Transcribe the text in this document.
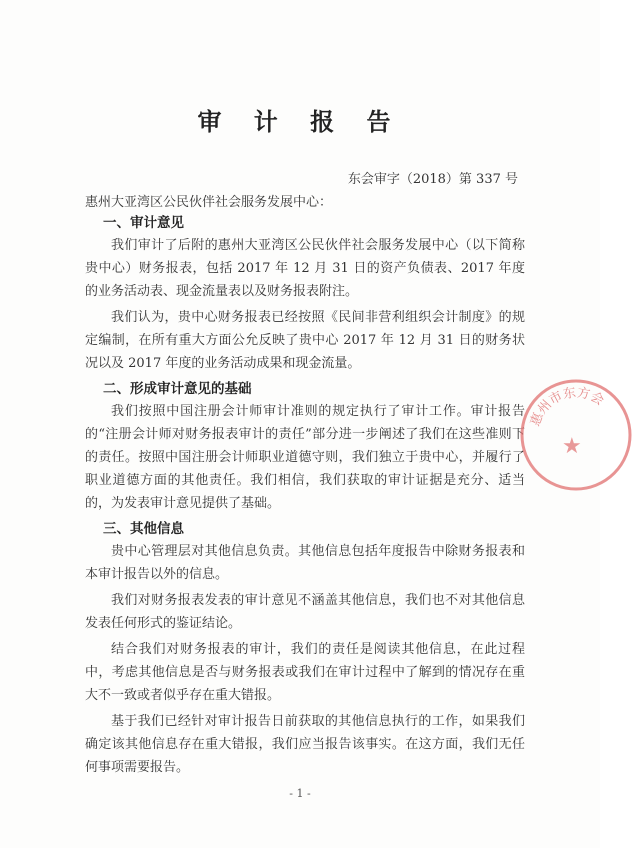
审 计 报 告
东会审字（2018）第 337 号
惠州大亚湾区公民伙伴社会服务发展中心：
一、审计意见

我们审计了后附的惠州大亚湾区公民伙伴社会服务发展中心（以下简称贵中心）财务报表，包括 2017 年 12 月 31 日的资产负债表、2017 年度的业务活动表、现金流量表以及财务报表附注。

我们认为，贵中心财务报表已经按照《民间非营利组织会计制度》的规定编制，在所有重大方面公允反映了贵中心 2017 年 12 月 31 日的财务状况以及 2017 年度的业务活动成果和现金流量。

二、形成审计意见的基础

我们按照中国注册会计师审计准则的规定执行了审计工作。审计报告的“注册会计师对财务报表审计的责任”部分进一步阐述了我们在这些准则下的责任。按照中国注册会计师职业道德守则，我们独立于贵中心，并履行了职业道德方面的其他责任。我们相信，我们获取的审计证据是充分、适当的，为发表审计意见提供了基础。

三、其他信息

贵中心管理层对其他信息负责。其他信息包括年度报告中除财务报表和本审计报告以外的信息。

我们对财务报表发表的审计意见不涵盖其他信息，我们也不对其他信息发表任何形式的鉴证结论。

结合我们对财务报表的审计，我们的责任是阅读其他信息，在此过程中，考虑其他信息是否与财务报表或我们在审计过程中了解到的情况存在重大不一致或者似乎存在重大错报。

基于我们已经针对审计报告日前获取的其他信息执行的工作，如果我们确定该其他信息存在重大错报，我们应当报告该事实。在这方面，我们无任何事项需要报告。

惠州市东方会
★
- 1 -
